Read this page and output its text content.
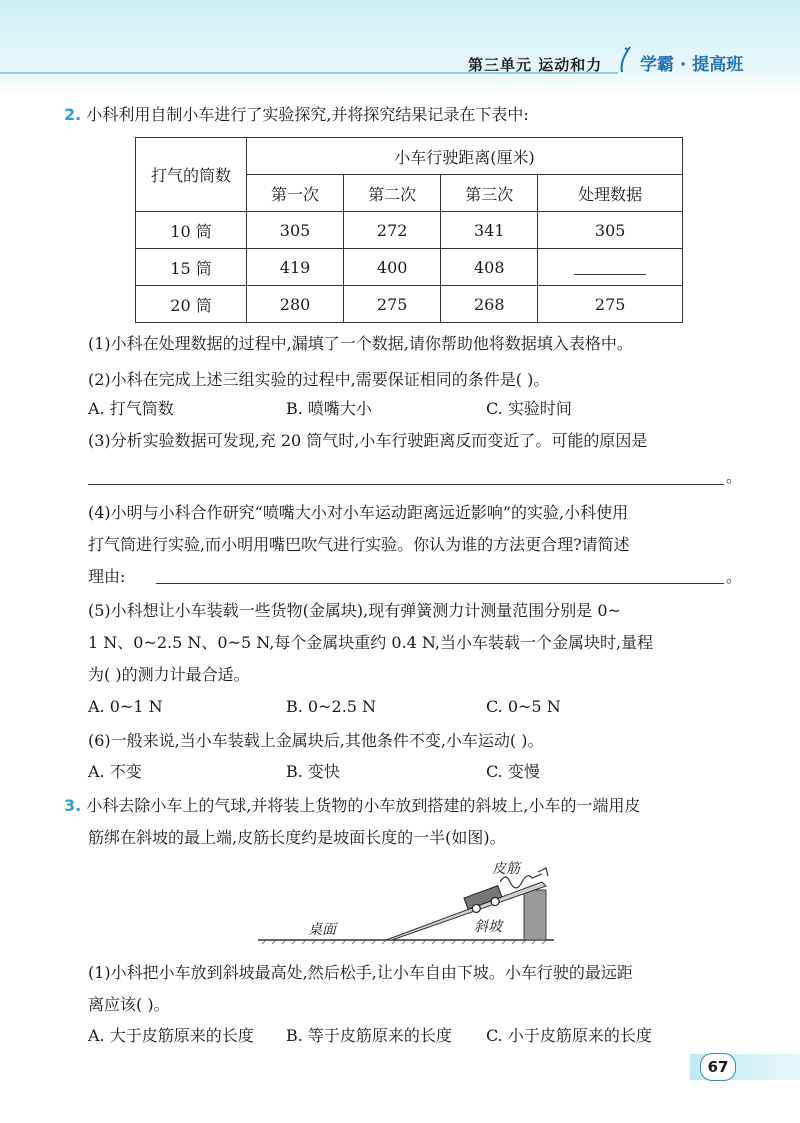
第三单元 运动和力 学霸 · 提高班
2. 小科利用自制小车进行了实验探究,并将探究结果记录在下表中:
打气的筒数	小车行驶距离(厘米)			
	第一次	第二次	第三次	处理数据
10 筒	305	272	341	305
15 筒	419	400	408	
20 筒	280	275	268	275
(1)小科在处理数据的过程中,漏填了一个数据,请你帮助他将数据填入表格中。
(2)小科在完成上述三组实验的过程中,需要保证相同的条件是( )。
A. 打气筒数	B. 喷嘴大小	C. 实验时间
(3)分析实验数据可发现,充 20 筒气时,小车行驶距离反而变近了。可能的原因是
。
(4)小明与小科合作研究“喷嘴大小对小车运动距离远近影响”的实验,小科使用
打气筒进行实验,而小明用嘴巴吹气进行实验。你认为谁的方法更合理?请简述
理由:	。
(5)小科想让小车装载一些货物(金属块),现有弹簧测力计测量范围分别是 0~
1 N、0~2.5 N、0~5 N,每个金属块重约 0.4 N,当小车装载一个金属块时,量程
为( )的测力计最合适。
A. 0~1 N	B. 0~2.5 N	C. 0~5 N
(6)一般来说,当小车装载上金属块后,其他条件不变,小车运动( )。
A. 不变	B. 变快	C. 变慢
3. 小科去除小车上的气球,并将装上货物的小车放到搭建的斜坡上,小车的一端用皮
筋绑在斜坡的最上端,皮筋长度约是坡面长度的一半(如图)。
皮筋
桌面	斜坡
(1)小科把小车放到斜坡最高处,然后松手,让小车自由下坡。小车行驶的最远距
离应该( )。
A. 大于皮筋原来的长度 B. 等于皮筋原来的长度 C. 小于皮筋原来的长度
67
